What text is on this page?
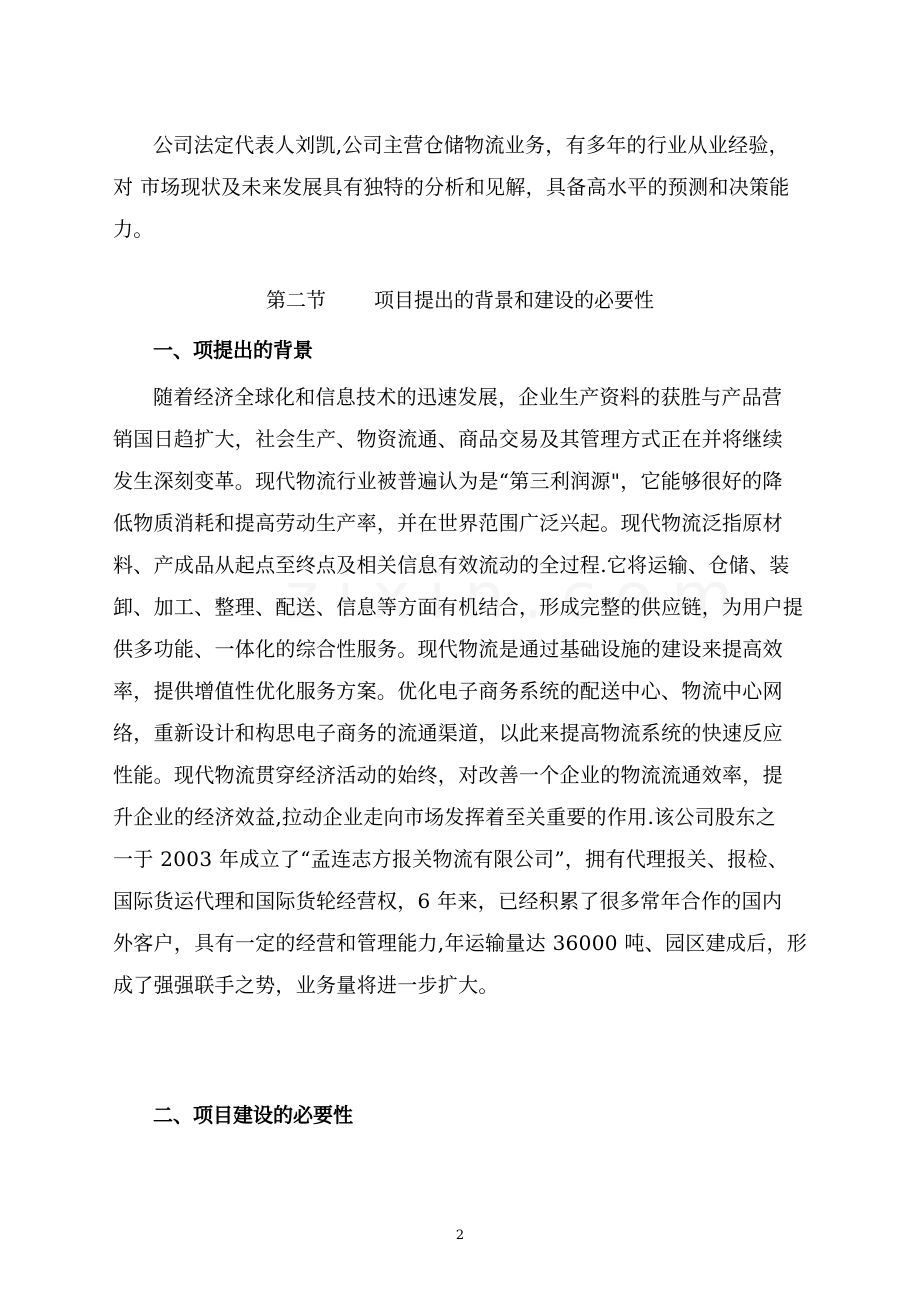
公司法定代表人刘凯,公司主营仓储物流业务，有多年的行业从业经验，
对 市场现状及未来发展具有独特的分析和见解，具备高水平的预测和决策能
力。
第二节 项目提出的背景和建设的必要性
一、项提出的背景
随着经济全球化和信息技术的迅速发展，企业生产资料的获胜与产品营
销国日趋扩大，社会生产、物资流通、商品交易及其管理方式正在并将继续
发生深刻变革。现代物流行业被普遍认为是“第三利润源"，它能够很好的降
低物质消耗和提高劳动生产率，并在世界范围广泛兴起。现代物流泛指原材
料、产成品从起点至终点及相关信息有效流动的全过程.它将运输、仓储、装
卸、加工、整理、配送、信息等方面有机结合，形成完整的供应链，为用户提
供多功能、一体化的综合性服务。现代物流是通过基础设施的建设来提高效
率，提供增值性优化服务方案。优化电子商务系统的配送中心、物流中心网
络，重新设计和构思电子商务的流通渠道，以此来提高物流系统的快速反应
性能。现代物流贯穿经济活动的始终，对改善一个企业的物流流通效率，提
升企业的经济效益,拉动企业走向市场发挥着至关重要的作用.该公司股东之
一于 2003 年成立了“孟连志方报关物流有限公司”，拥有代理报关、报检、
国际货运代理和国际货轮经营权，6 年来，已经积累了很多常年合作的国内
外客户，具有一定的经营和管理能力,年运输量达 36000 吨、园区建成后，形
成了强强联手之势，业务量将进一步扩大。
二、项目建设的必要性
2
